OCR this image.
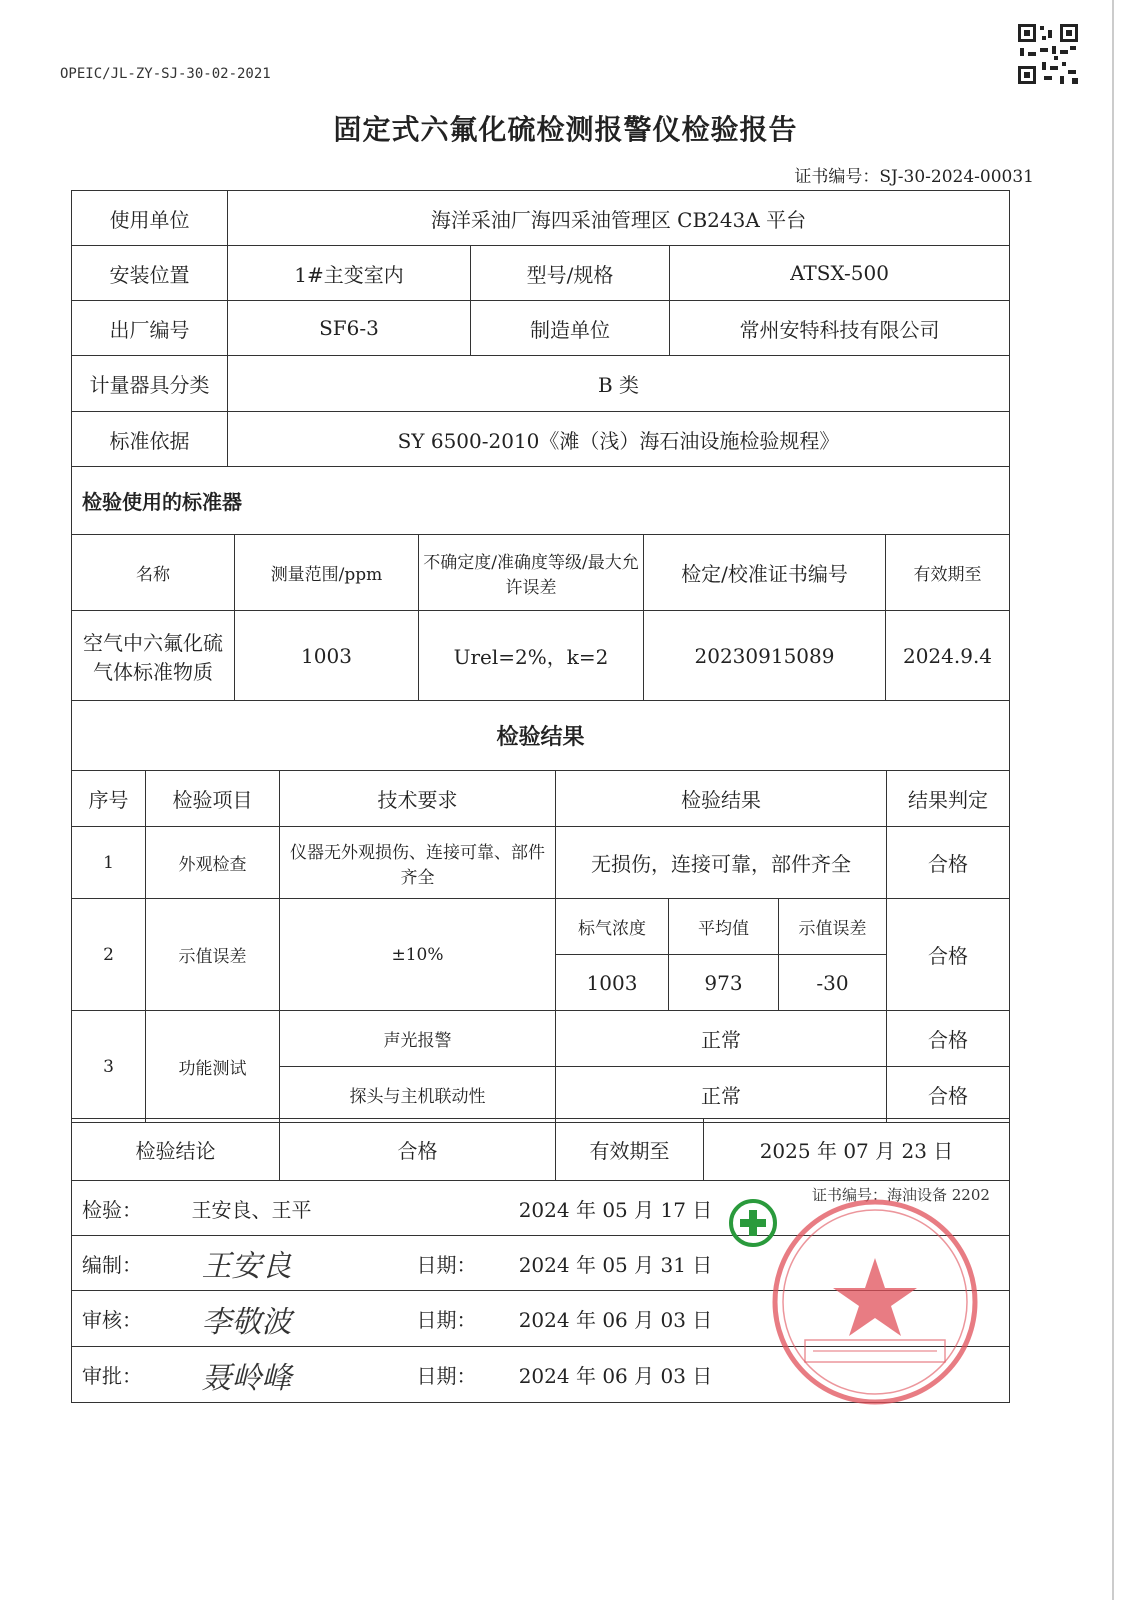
OPEIC/JL-ZY-SJ-30-02-2021
固定式六氟化硫检测报警仪检验报告
证书编号：SJ-30-2024-00031
使用单位	海洋采油厂海四采油管理区 CB243A 平台		
安装位置	1#主变室内	型号/规格	ATSX-500
出厂编号	SF6-3	制造单位	常州安特科技有限公司
计量器具分类	B 类		
标准依据	SY 6500-2010《滩（浅）海石油设施检验规程》		
检验使用的标准器			
名称	测量范围/ppm	不确定度/准确度等级/最大允许误差	检定/校准证书编号	有效期至
空气中六氟化硫气体标准物质	1003	Urel=2%，k=2	20230915089	2024.9.4
检验结果						
序号	检验项目	技术要求	检验结果			结果判定
1	外观检查	仪器无外观损伤、连接可靠、部件齐全	无损伤，连接可靠，部件齐全			合格
2	示值误差	±10%	标气浓度	平均值	示值误差	合格
			1003	973	-30	
3	功能测试	声光报警	正常			合格
		探头与主机联动性	正常			合格
检验结论	合格	有效期至	2025 年 07 月 23 日
检验：	王安良、王平		2024 年 05 月 17 日	
编制：	王安良	日期：	2024 年 05 月 31 日	
审核：	李敬波	日期：	2024 年 06 月 03 日	
审批：	聂岭峰	日期：	2024 年 06 月 03 日	
证书编号：海油设备 2202
